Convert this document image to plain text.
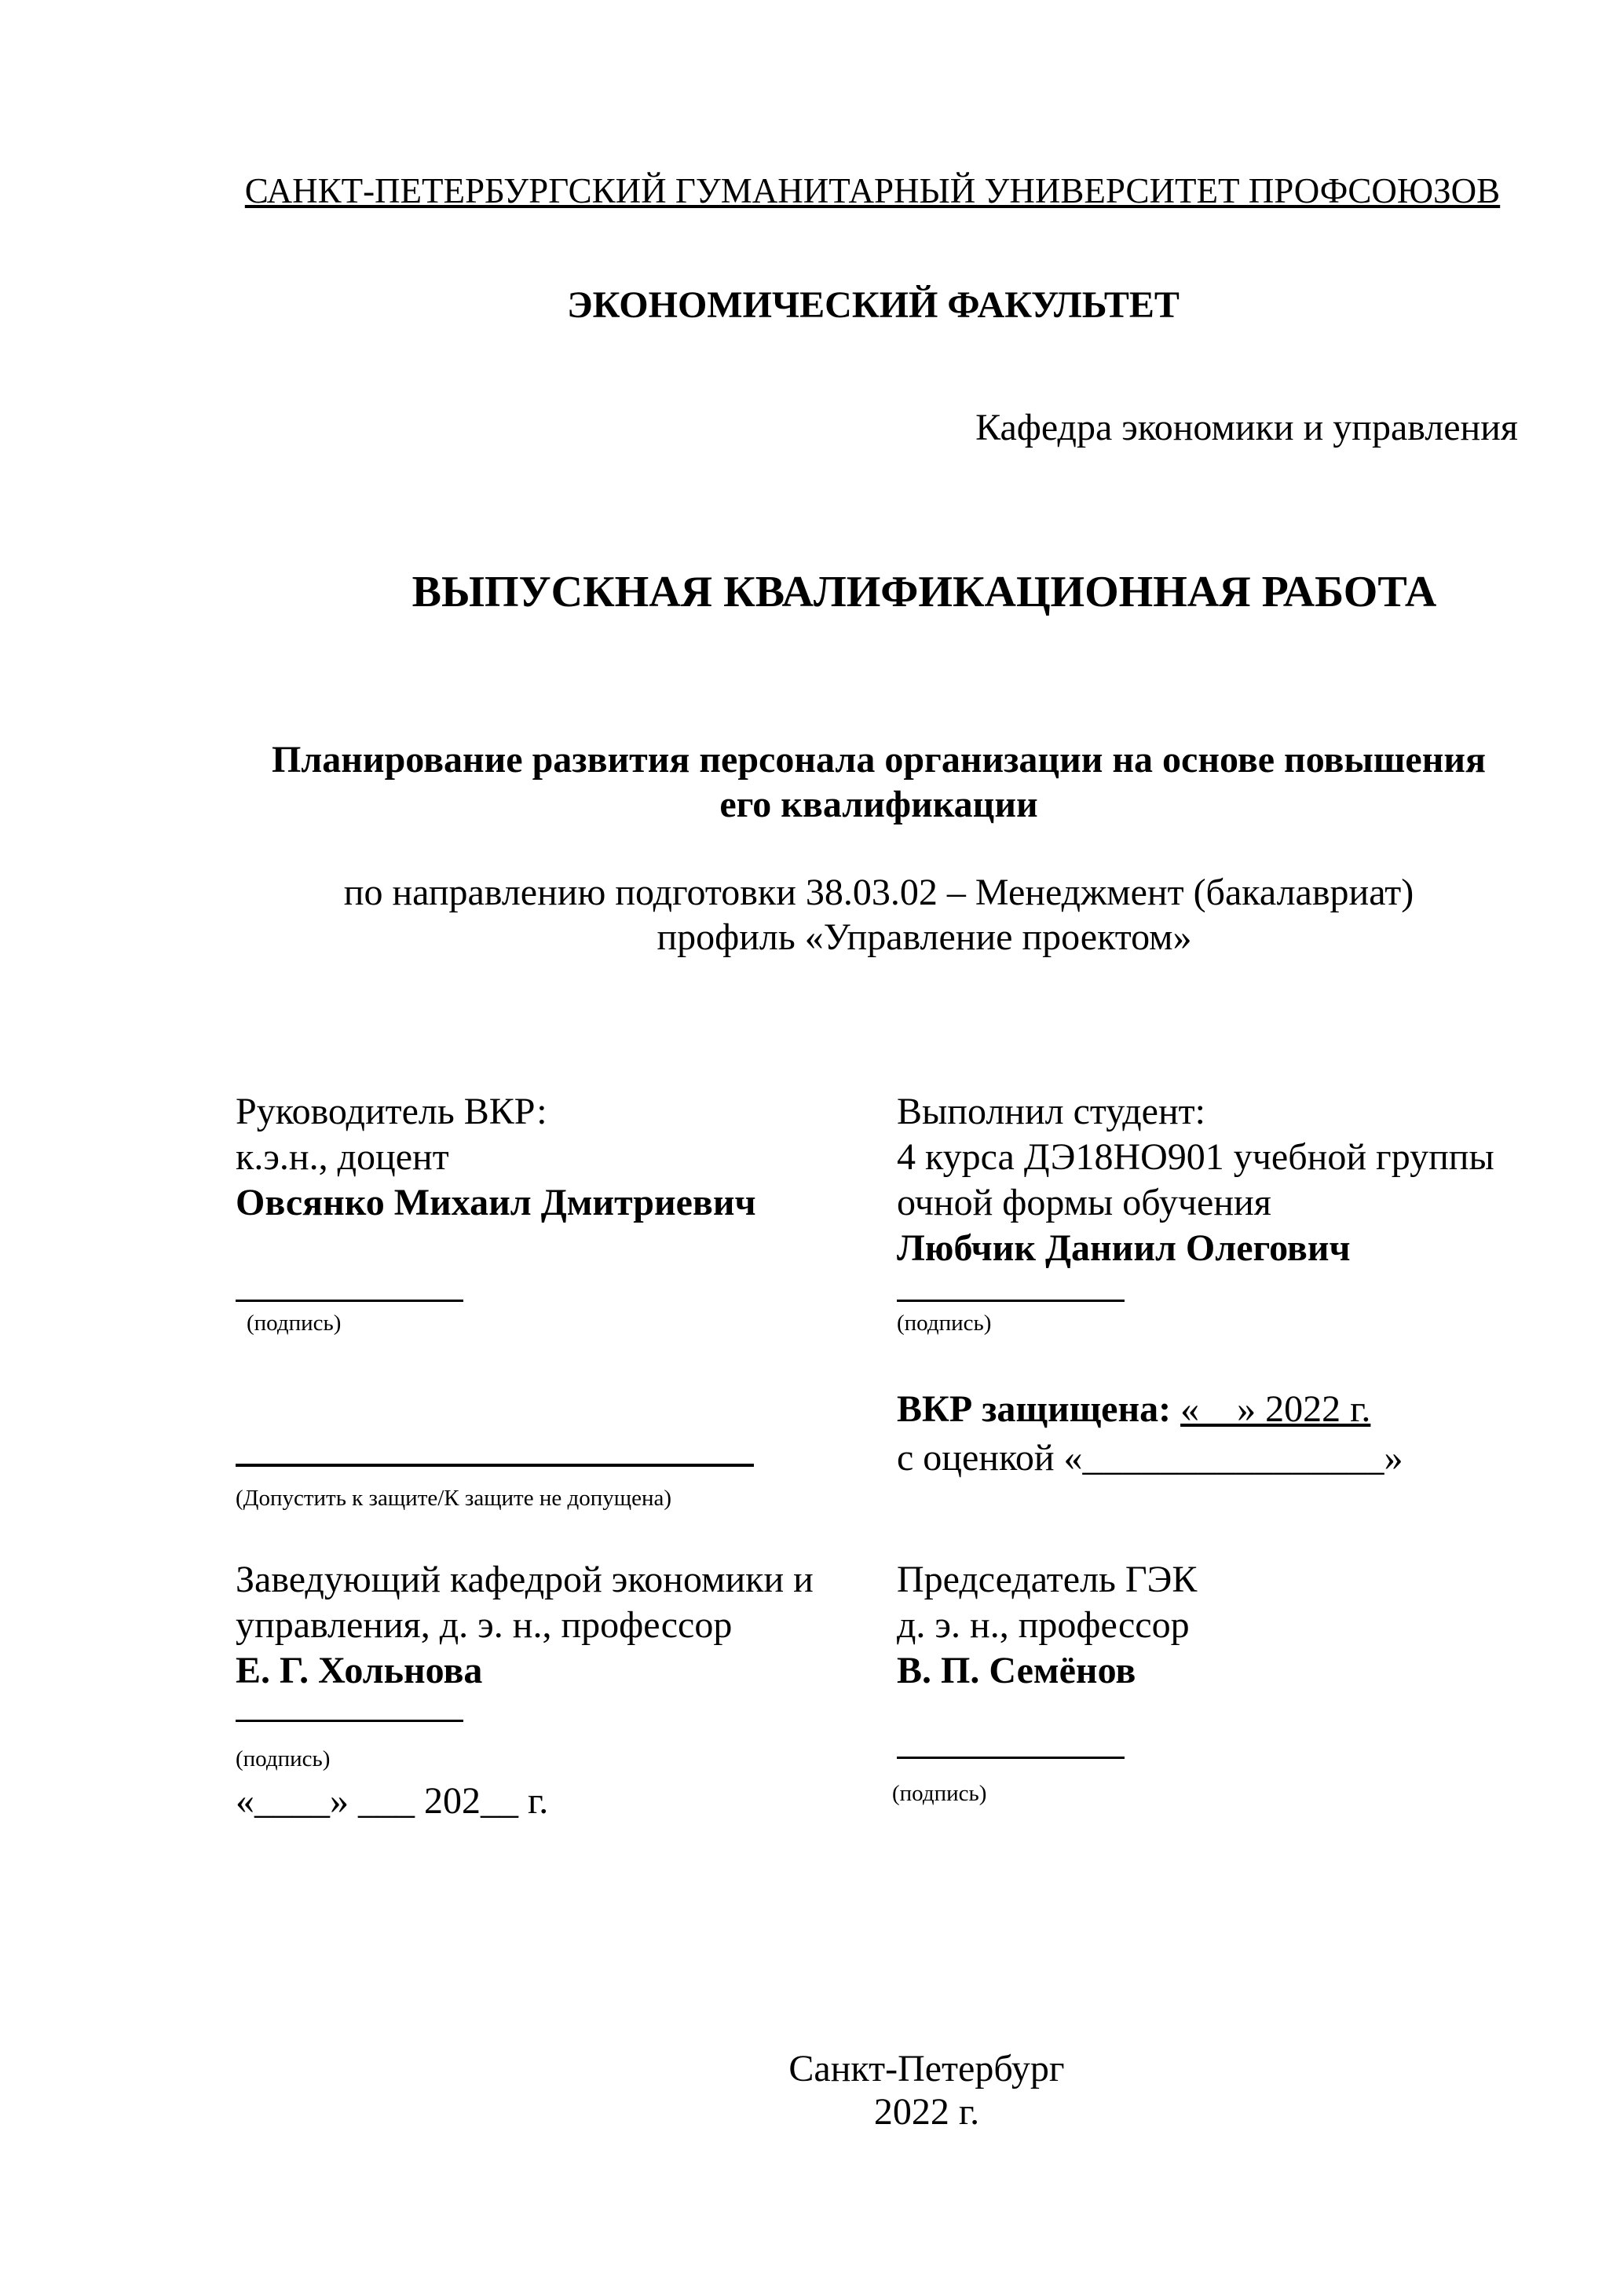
САНКТ-ПЕТЕРБУРГСКИЙ ГУМАНИТАРНЫЙ УНИВЕРСИТЕТ ПРОФСОЮЗОВ
ЭКОНОМИЧЕСКИЙ ФАКУЛЬТЕТ
Кафедра экономики и управления
ВЫПУСКНАЯ КВАЛИФИКАЦИОННАЯ РАБОТА
Планирование развития персонала организации на основе повышения
его квалификации
по направлению подготовки 38.03.02 – Менеджмент (бакалавриат)
профиль «Управление проектом»
Руководитель ВКР:
к.э.н., доцент
Овсянко Михаил Дмитриевич
(подпись)
Выполнил студент:
4 курса ДЭ18НО901 учебной группы
очной формы обучения
Любчик Даниил Олегович
(подпись)
ВКР защищена: «__» 2022 г.
с оценкой «________________»
(Допустить к защите/К защите не допущена)
Заведующий кафедрой экономики и
управления, д. э. н., профессор
Е. Г. Хольнова
(подпись)
«____» ___ 202__ г.
Председатель ГЭК
д. э. н., профессор
В. П. Семёнов
(подпись)
Санкт-Петербург
2022 г.
